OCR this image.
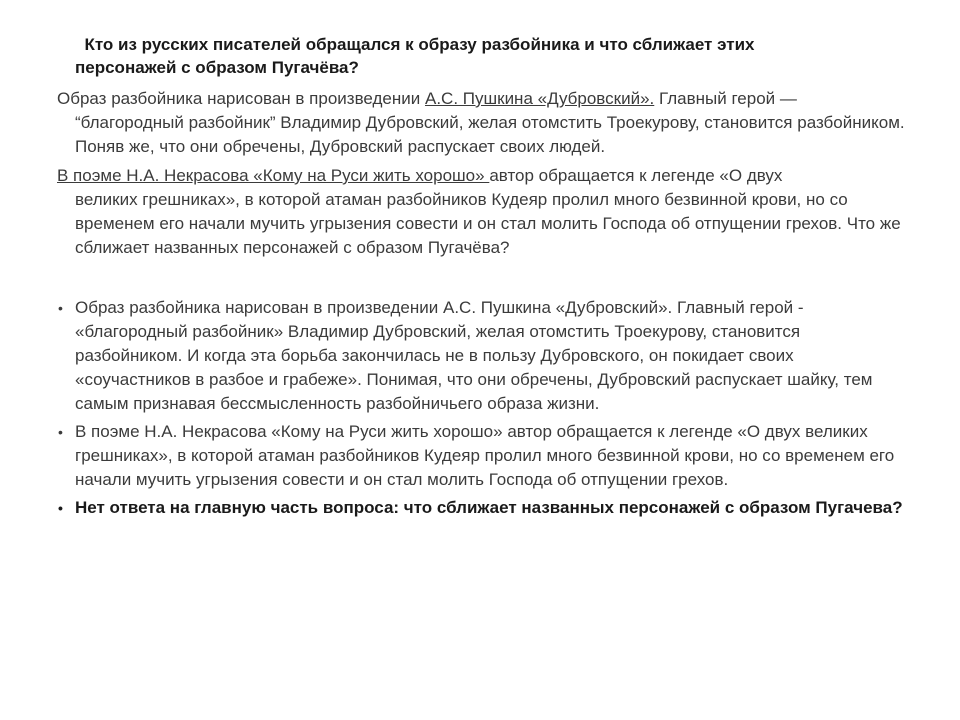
Кто из русских писателей обращался к образу разбойника и что сближает этих
персонажей с образом Пугачёва?
Образ разбойника нарисован в произведении А.С. Пушкина «Дубровский». Главный герой —
“благородный разбойник” Владимир Дубровский, желая отомстить Троекурову, становится разбойником. Поняв же, что они обречены, Дубровский распускает своих людей.
В поэме Н.А. Некрасова «Кому на Руси жить хорошо» автор обращается к легенде «О двух
великих грешниках», в которой атаман разбойников Кудеяр пролил много безвинной крови, но со временем его начали мучить угрызения совести и он стал молить Господа об отпущении грехов. Что же сближает названных персонажей с образом Пугачёва?
• Образ разбойника нарисован в произведении А.С. Пушкина «Дубровский». Главный герой - «благородный разбойник» Владимир Дубровский, желая отомстить Троекурову, становится разбойником. И когда эта борьба закончилась не в пользу Дубровского, он покидает своих «соучастников в разбое и грабеже». Понимая, что они обречены, Дубровский распускает шайку, тем самым признавая бессмысленность разбойничьего образа жизни.
• В поэме Н.А. Некрасова «Кому на Руси жить хорошо» автор обращается к легенде «О двух великих грешниках», в которой атаман разбойников Кудеяр пролил много безвинной крови, но со временем его начали мучить угрызения совести и он стал молить Господа об отпущении грехов.
• Нет ответа на главную часть вопроса: что сближает названных персонажей с образом Пугачева?
